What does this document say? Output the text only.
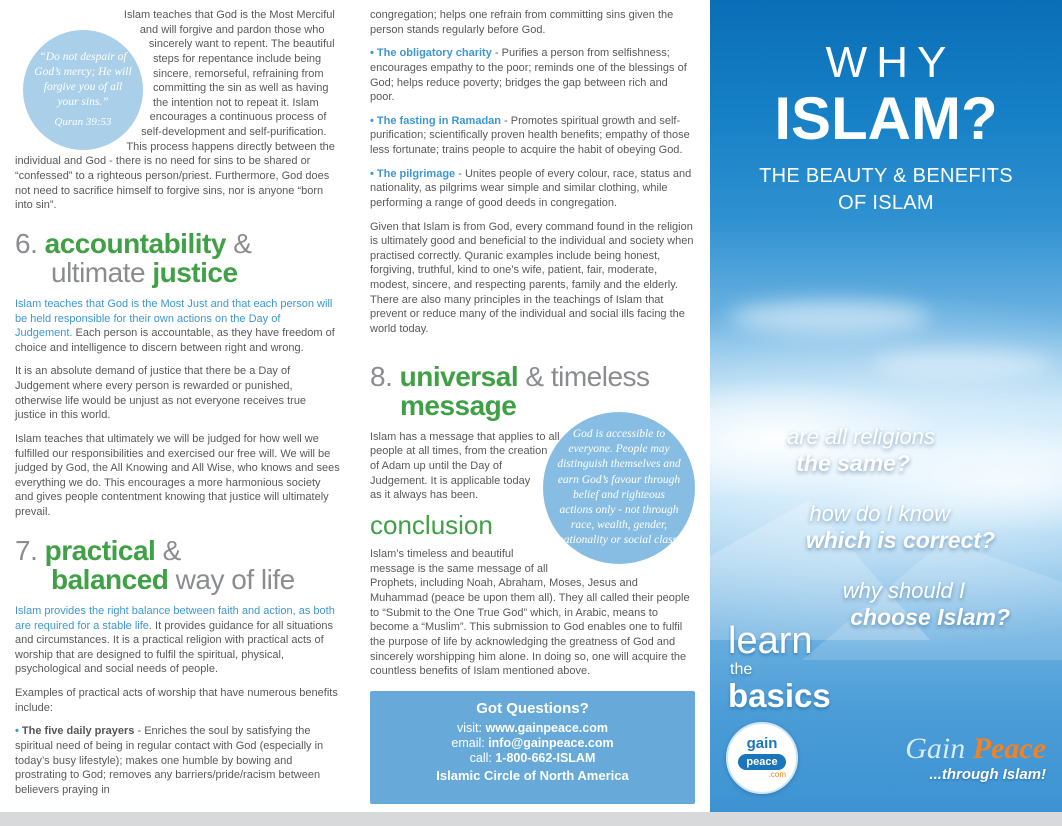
“Do not despair of God’s mercy; He will forgive you of all your sins.”

Quran 39:53

Islam teaches that God is the Most Merciful and will forgive and pardon those who sincerely want to repent. The beautiful steps for repentance include being sincere, remorseful, refraining from committing the sin as well as having the intention not to repeat it. Islam encourages a continuous process of self-development and self-purification. This process happens directly between the individual and God - there is no need for sins to be shared or “confessed” to a righteous person/priest. Furthermore, God does not need to sacrifice himself to forgive sins, nor is anyone “born into sin”.

6. accountability &
ultimate justice

Islam teaches that God is the Most Just and that each person will be held responsible for their own actions on the Day of Judgement. Each person is accountable, as they have freedom of choice and intelligence to discern between right and wrong.

It is an absolute demand of justice that there be a Day of Judgement where every person is rewarded or punished, otherwise life would be unjust as not everyone receives true justice in this world.

Islam teaches that ultimately we will be judged for how well we fulfilled our responsibilities and exercised our free will. We will be judged by God, the All Knowing and All Wise, who knows and sees everything we do. This encourages a more harmonious society and gives people contentment knowing that justice will ultimately prevail.

7. practical &
balanced way of life

Islam provides the right balance between faith and action, as both are required for a stable life. It provides guidance for all situations and circumstances. It is a practical religion with practical acts of worship that are designed to fulfil the spiritual, physical, psychological and social needs of people.

Examples of practical acts of worship that have numerous benefits include:

• The five daily prayers - Enriches the soul by satisfying the spiritual need of being in regular contact with God (especially in today’s busy lifestyle); makes one humble by bowing and prostrating to God; removes any barriers/pride/racism between believers praying in

congregation; helps one refrain from committing sins given the person stands regularly before God.

• The obligatory charity - Purifies a person from selfishness; encourages empathy to the poor; reminds one of the blessings of God; helps reduce poverty; bridges the gap between rich and poor.

• The fasting in Ramadan - Promotes spiritual growth and self-purification; scientifically proven health benefits; empathy of those less fortunate; trains people to acquire the habit of obeying God.

• The pilgrimage - Unites people of every colour, race, status and nationality, as pilgrims wear simple and similar clothing, while performing a range of good deeds in congregation.

Given that Islam is from God, every command found in the religion is ultimately good and beneficial to the individual and society when practised correctly. Quranic examples include being honest, forgiving, truthful, kind to one’s wife, patient, fair, moderate, modest, sincere, and respecting parents, family and the elderly. There are also many principles in the teachings of Islam that prevent or reduce many of the individual and social ills facing the world today.

8. universal & timeless
message

God is accessible to everyone. People may distinguish themselves and earn God’s favour through belief and righteous actions only - not through race, wealth, gender, nationality or social class.

Islam has a message that applies to all people at all times, from the creation of Adam up until the Day of Judgement. It is applicable today as it always has been.

conclusion

Islam’s timeless and beautiful message is the same message of all Prophets, including Noah, Abraham, Moses, Jesus and Muhammad (peace be upon them all). They all called their people to “Submit to the One True God” which, in Arabic, means to become a “Muslim”. This submission to God enables one to fulfil the purpose of life by acknowledging the greatness of God and sincerely worshipping him alone. In doing so, one will acquire the countless benefits of Islam mentioned above.

Got Questions?

visit: www.gainpeace.com

email: info@gainpeace.com

call: 1-800-662-ISLAM

Islamic Circle of North America

WHY
ISLAM?
THE BEAUTY & BENEFITS
OF ISLAM
are all religions
the same?
how do I know
which is correct?
why should I
choose Islam?
learn
the
basics
gain
peace
.com
Gain Peace
...through Islam!
